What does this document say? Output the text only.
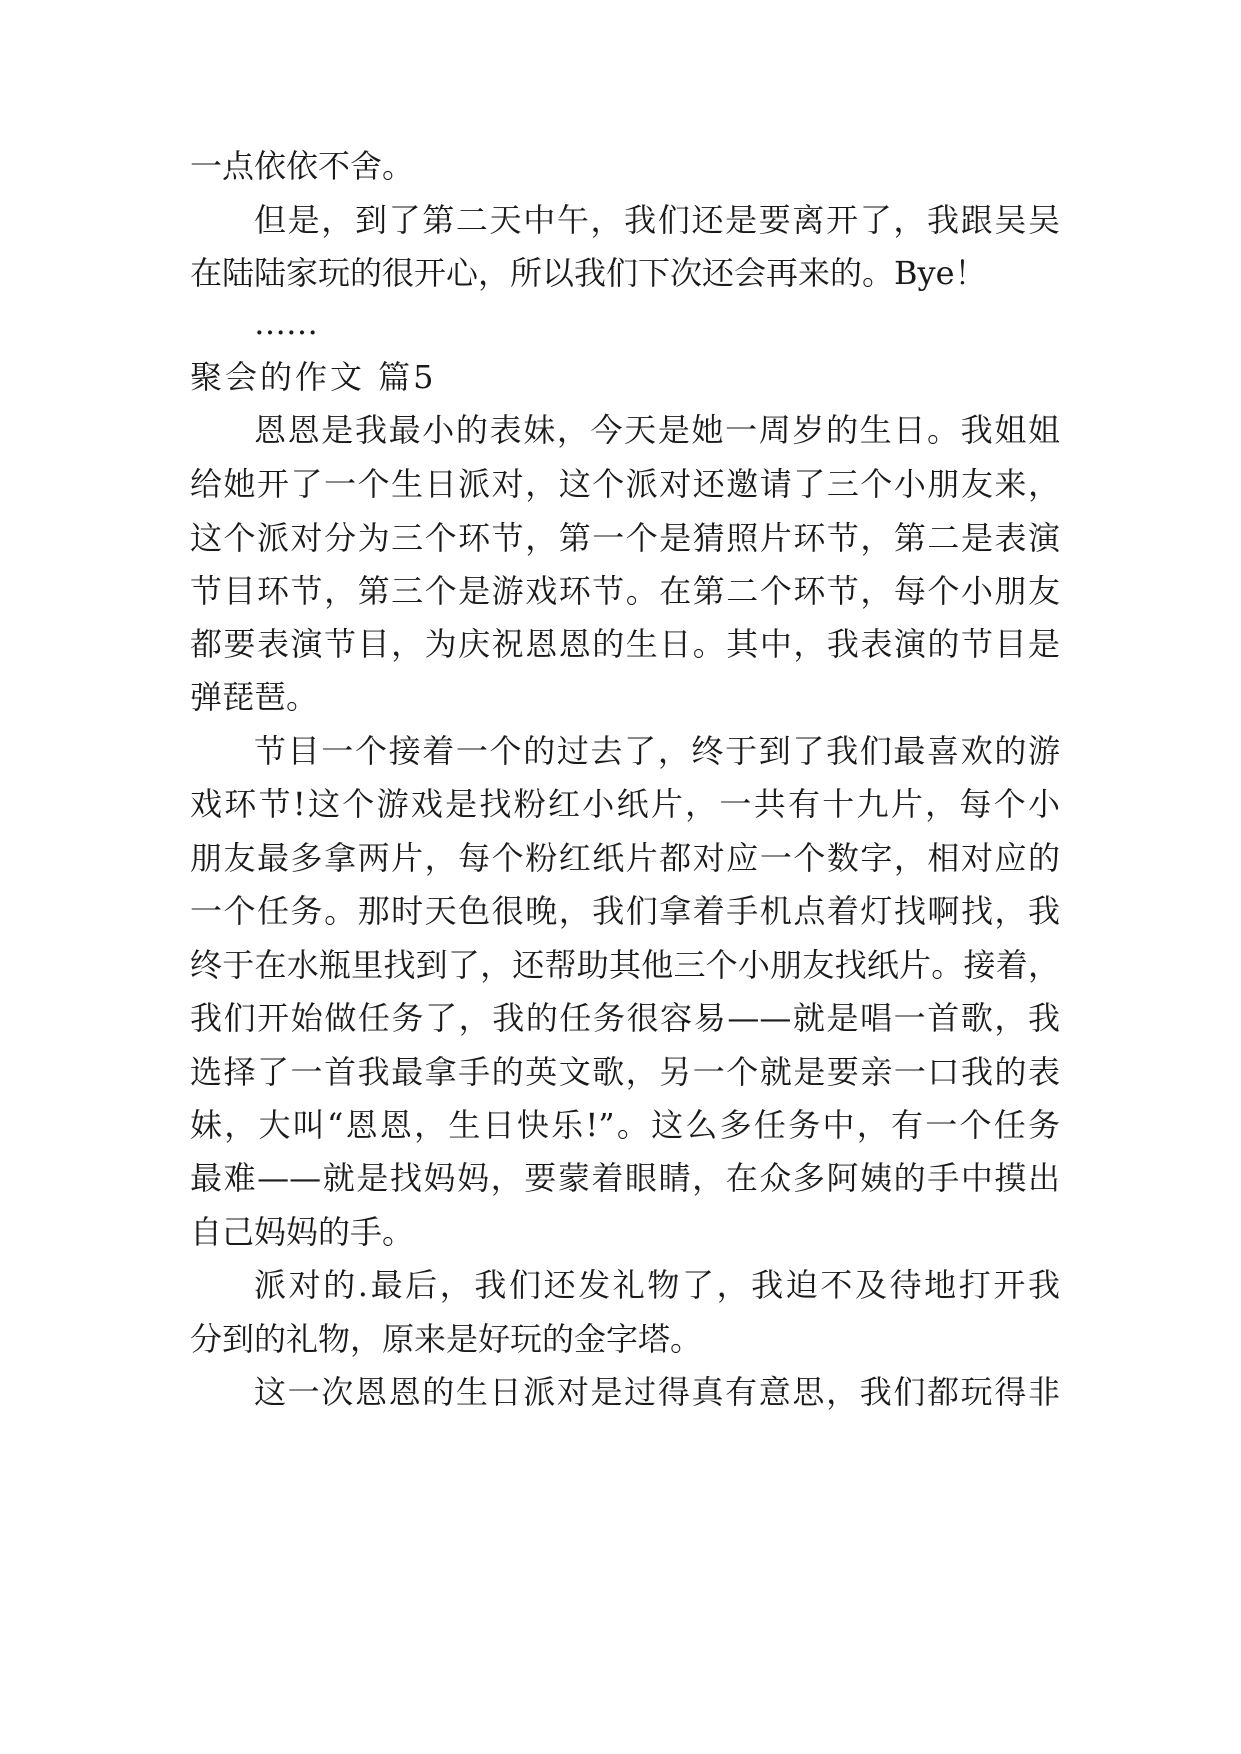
一点依依不舍。
但是，到了第二天中午，我们还是要离开了，我跟吴吴
在陆陆家玩的很开心，所以我们下次还会再来的。Bye！
……
聚会的作文 篇5
恩恩是我最小的表妹，今天是她一周岁的生日。我姐姐
给她开了一个生日派对，这个派对还邀请了三个小朋友来，
这个派对分为三个环节，第一个是猜照片环节，第二是表演
节目环节，第三个是游戏环节。在第二个环节，每个小朋友
都要表演节目，为庆祝恩恩的生日。其中，我表演的节目是
弹琵琶。
节目一个接着一个的过去了，终于到了我们最喜欢的游
戏环节!这个游戏是找粉红小纸片，一共有十九片，每个小
朋友最多拿两片，每个粉红纸片都对应一个数字，相对应的
一个任务。那时天色很晚，我们拿着手机点着灯找啊找，我
终于在水瓶里找到了，还帮助其他三个小朋友找纸片。接着，
我们开始做任务了，我的任务很容易——就是唱一首歌，我
选择了一首我最拿手的英文歌，另一个就是要亲一口我的表
妹，大叫“恩恩，生日快乐!”。这么多任务中，有一个任务
最难——就是找妈妈，要蒙着眼睛，在众多阿姨的手中摸出
自己妈妈的手。
派对的.最后，我们还发礼物了，我迫不及待地打开我
分到的礼物，原来是好玩的金字塔。
这一次恩恩的生日派对是过得真有意思，我们都玩得非
